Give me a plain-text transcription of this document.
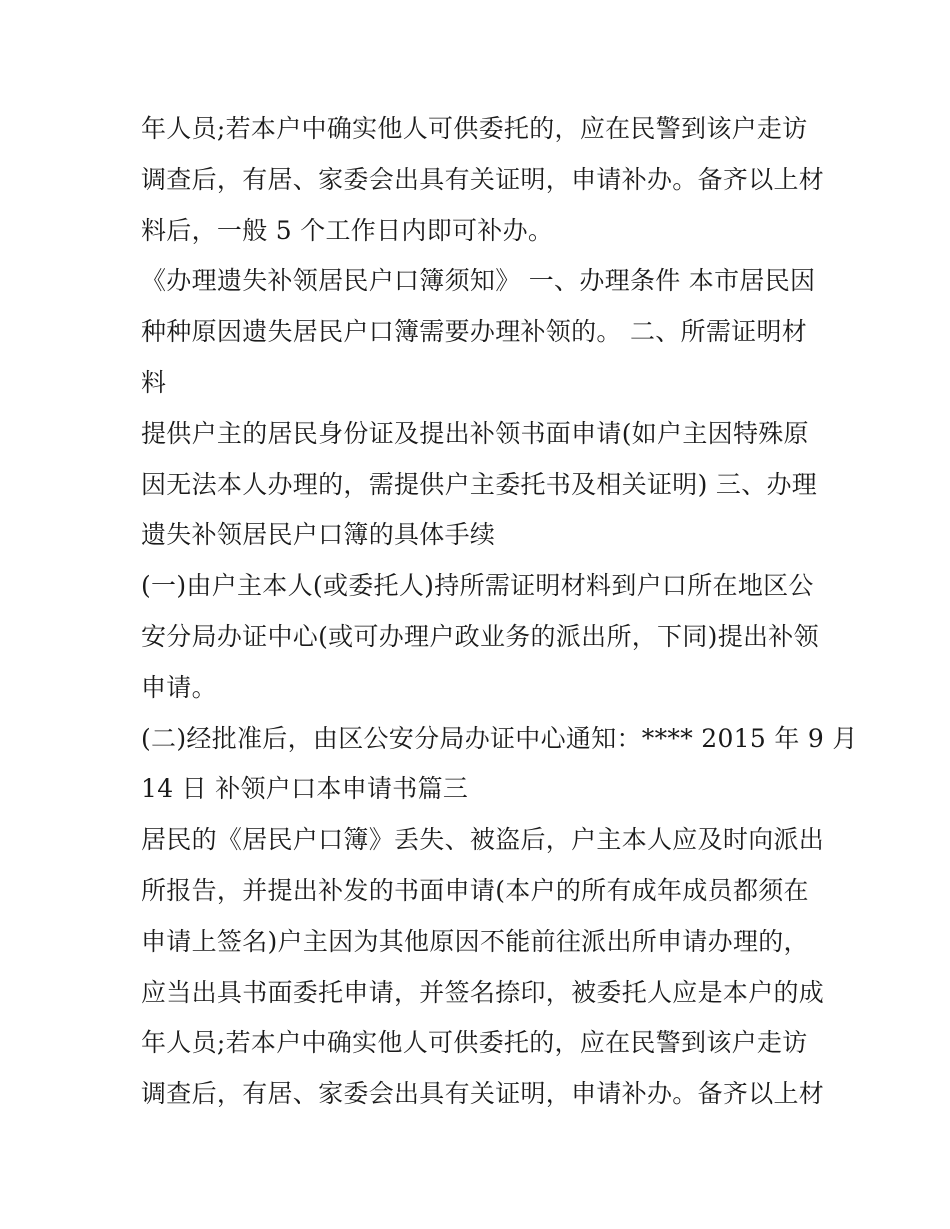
年人员;若本户中确实他人可供委托的，应在民警到该户走访
调查后，有居、家委会出具有关证明，申请补办。备齐以上材
料后，一般 5 个工作日内即可补办。
《办理遗失补领居民户口簿须知》 一、办理条件 本市居民因
种种原因遗失居民户口簿需要办理补领的。 二、所需证明材
料
提供户主的居民身份证及提出补领书面申请(如户主因特殊原
因无法本人办理的，需提供户主委托书及相关证明) 三、办理
遗失补领居民户口簿的具体手续
(一)由户主本人(或委托人)持所需证明材料到户口所在地区公
安分局办证中心(或可办理户政业务的派出所，下同)提出补领
申请。
(二)经批准后，由区公安分局办证中心通知：**** 2015 年 9 月
14 日 补领户口本申请书篇三
居民的《居民户口簿》丢失、被盗后，户主本人应及时向派出
所报告，并提出补发的书面申请(本户的所有成年成员都须在
申请上签名)户主因为其他原因不能前往派出所申请办理的，
应当出具书面委托申请，并签名捺印，被委托人应是本户的成
年人员;若本户中确实他人可供委托的，应在民警到该户走访
调查后，有居、家委会出具有关证明，申请补办。备齐以上材
